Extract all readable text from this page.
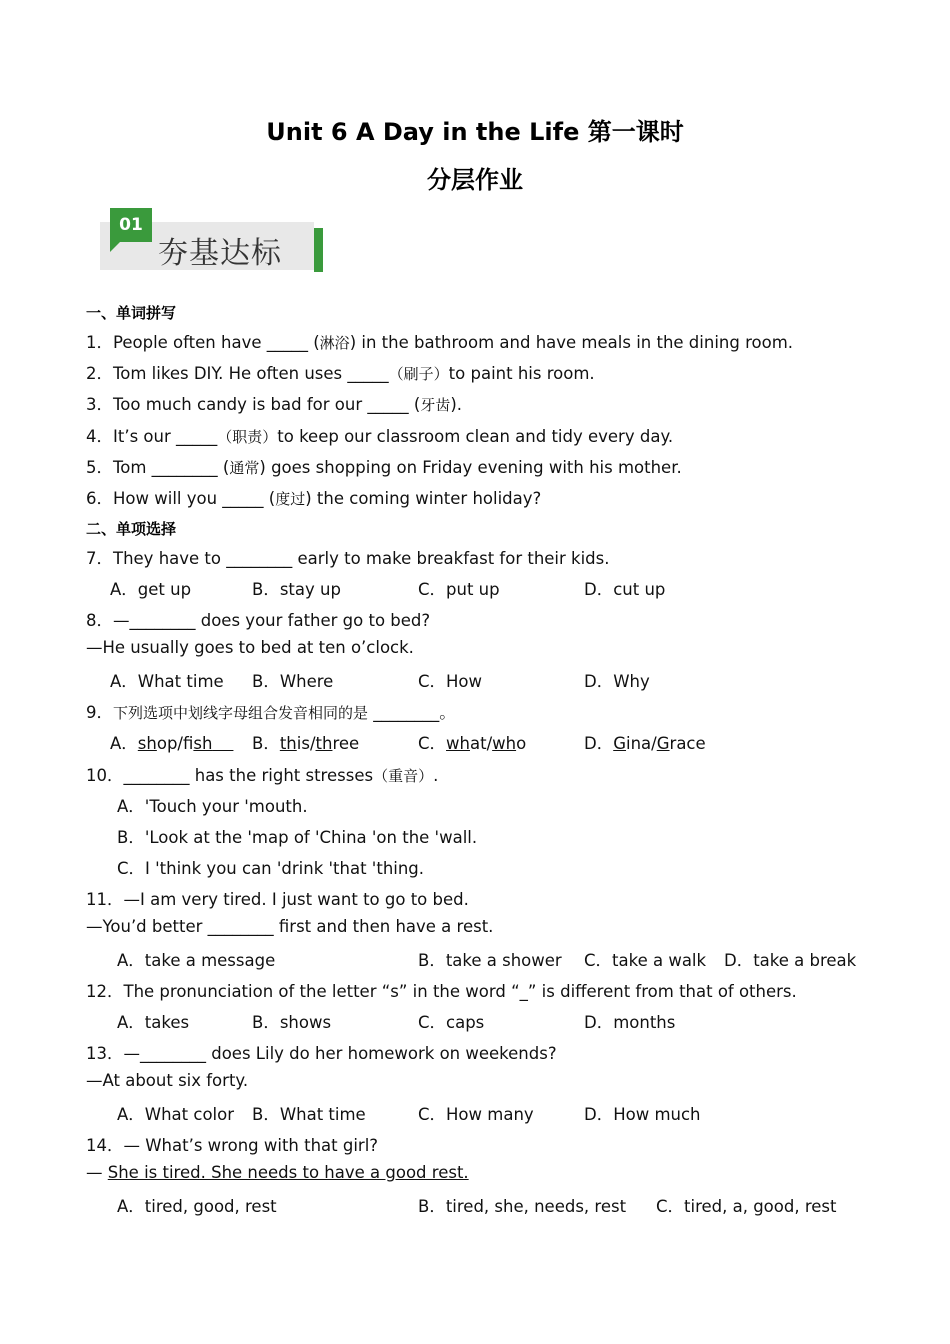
Unit 6 A Day in the Life 第一课时
分层作业
01
夯基达标
一、单词拼写
1．People often have _____ (淋浴) in the bathroom and have meals in the dining room.
2．Tom likes DIY. He often uses _____（刷子）to paint his room.
3．Too much candy is bad for our _____ (牙齿).
4．It’s our _____（职责）to keep our classroom clean and tidy every day.
5．Tom ________ (通常) goes shopping on Friday evening with his mother.
6．How will you _____ (度过) the coming winter holiday?
二、单项选择
7．They have to ________ early to make breakfast for their kids.
A．get up	B．stay up	C．put up	D．cut up
8．—________ does your father go to bed?
—He usually goes to bed at ten o’clock.
A．What time B．Where	C．How	D．Why
9．下列选项中划线字母组合发音相同的是 ________。
A．shop/fish	B．this/three	C．what/who	D．Gina/Grace
10．________ has the right stresses（重音）.
A．'Touch your 'mouth.
B．'Look at the 'map of 'China 'on the 'wall.
C．I 'think you can 'drink 'that 'thing.
11．—I am very tired. I just want to go to bed.
—You’d better ________ first and then have a rest.
A．take a message	B．take a shower C．take a walk D．take a break
12．The pronunciation of the letter “s” in the word “_” is different from that of others.
A．takes	B．shows	C．caps	D．months
13．—________ does Lily do her homework on weekends?
—At about six forty.
A．What color B．What time	C．How many	D．How much
14．— What’s wrong with that girl?
— She is tired. She needs to have a good rest.
A．tired, good, rest	B．tired, she, needs, rest C．tired, a, good, rest
